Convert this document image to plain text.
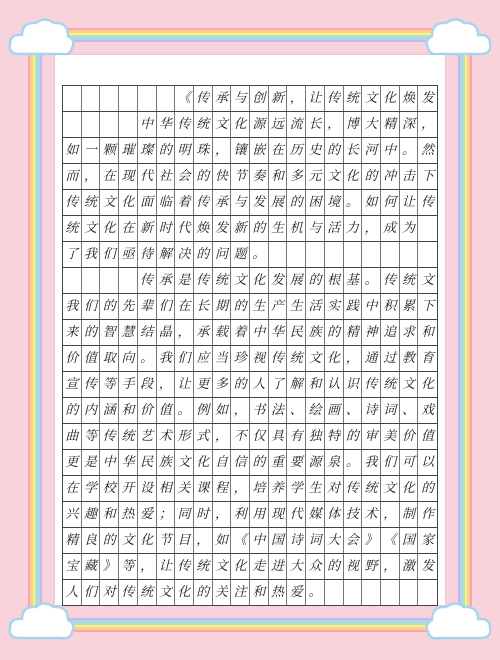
《 传 承 与 创 新 ， 让 传 统 文 化 焕 发
中 华 传 统 文 化 源 远 流 长 ， 博 大 精 深 ，
如 一 颗 璀 璨 的 明 珠 ， 镶 嵌 在 历 史 的 长 河 中 。 然
而 ， 在 现 代 社 会 的 快 节 奏 和 多 元 文 化 的 冲 击 下
传 统 文 化 面 临 着 传 承 与 发 展 的 困 境 。 如 何 让 传
统 文 化 在 新 时 代 焕 发 新 的 生 机 与 活 力 ， 成 为
了 我 们 亟 待 解 决 的 问 题 。
传 承 是 传 统 文 化 发 展 的 根 基 。 传 统 文
我 们 的 先 辈 们 在 长 期 的 生 产 生 活 实 践 中 积 累 下
来 的 智 慧 结 晶 ， 承 载 着 中 华 民 族 的 精 神 追 求 和
价 值 取 向 。 我 们 应 当 珍 视 传 统 文 化 ， 通 过 教 育
宣 传 等 手 段 ， 让 更 多 的 人 了 解 和 认 识 传 统 文 化
的 内 涵 和 价 值 。 例 如 ， 书 法 、 绘 画 、 诗 词 、 戏
曲 等 传 统 艺 术 形 式 ， 不 仅 具 有 独 特 的 审 美 价 值
更 是 中 华 民 族 文 化 自 信 的 重 要 源 泉 。 我 们 可 以
在 学 校 开 设 相 关 课 程 ， 培 养 学 生 对 传 统 文 化 的
兴 趣 和 热 爱 ； 同 时 ， 利 用 现 代 媒 体 技 术 ， 制 作
精 良 的 文 化 节 目 ， 如 《 中 国 诗 词 大 会 》 《 国 家
宝 藏 》 等 ， 让 传 统 文 化 走 进 大 众 的 视 野 ， 激 发
人 们 对 传 统 文 化 的 关 注 和 热 爱 。
